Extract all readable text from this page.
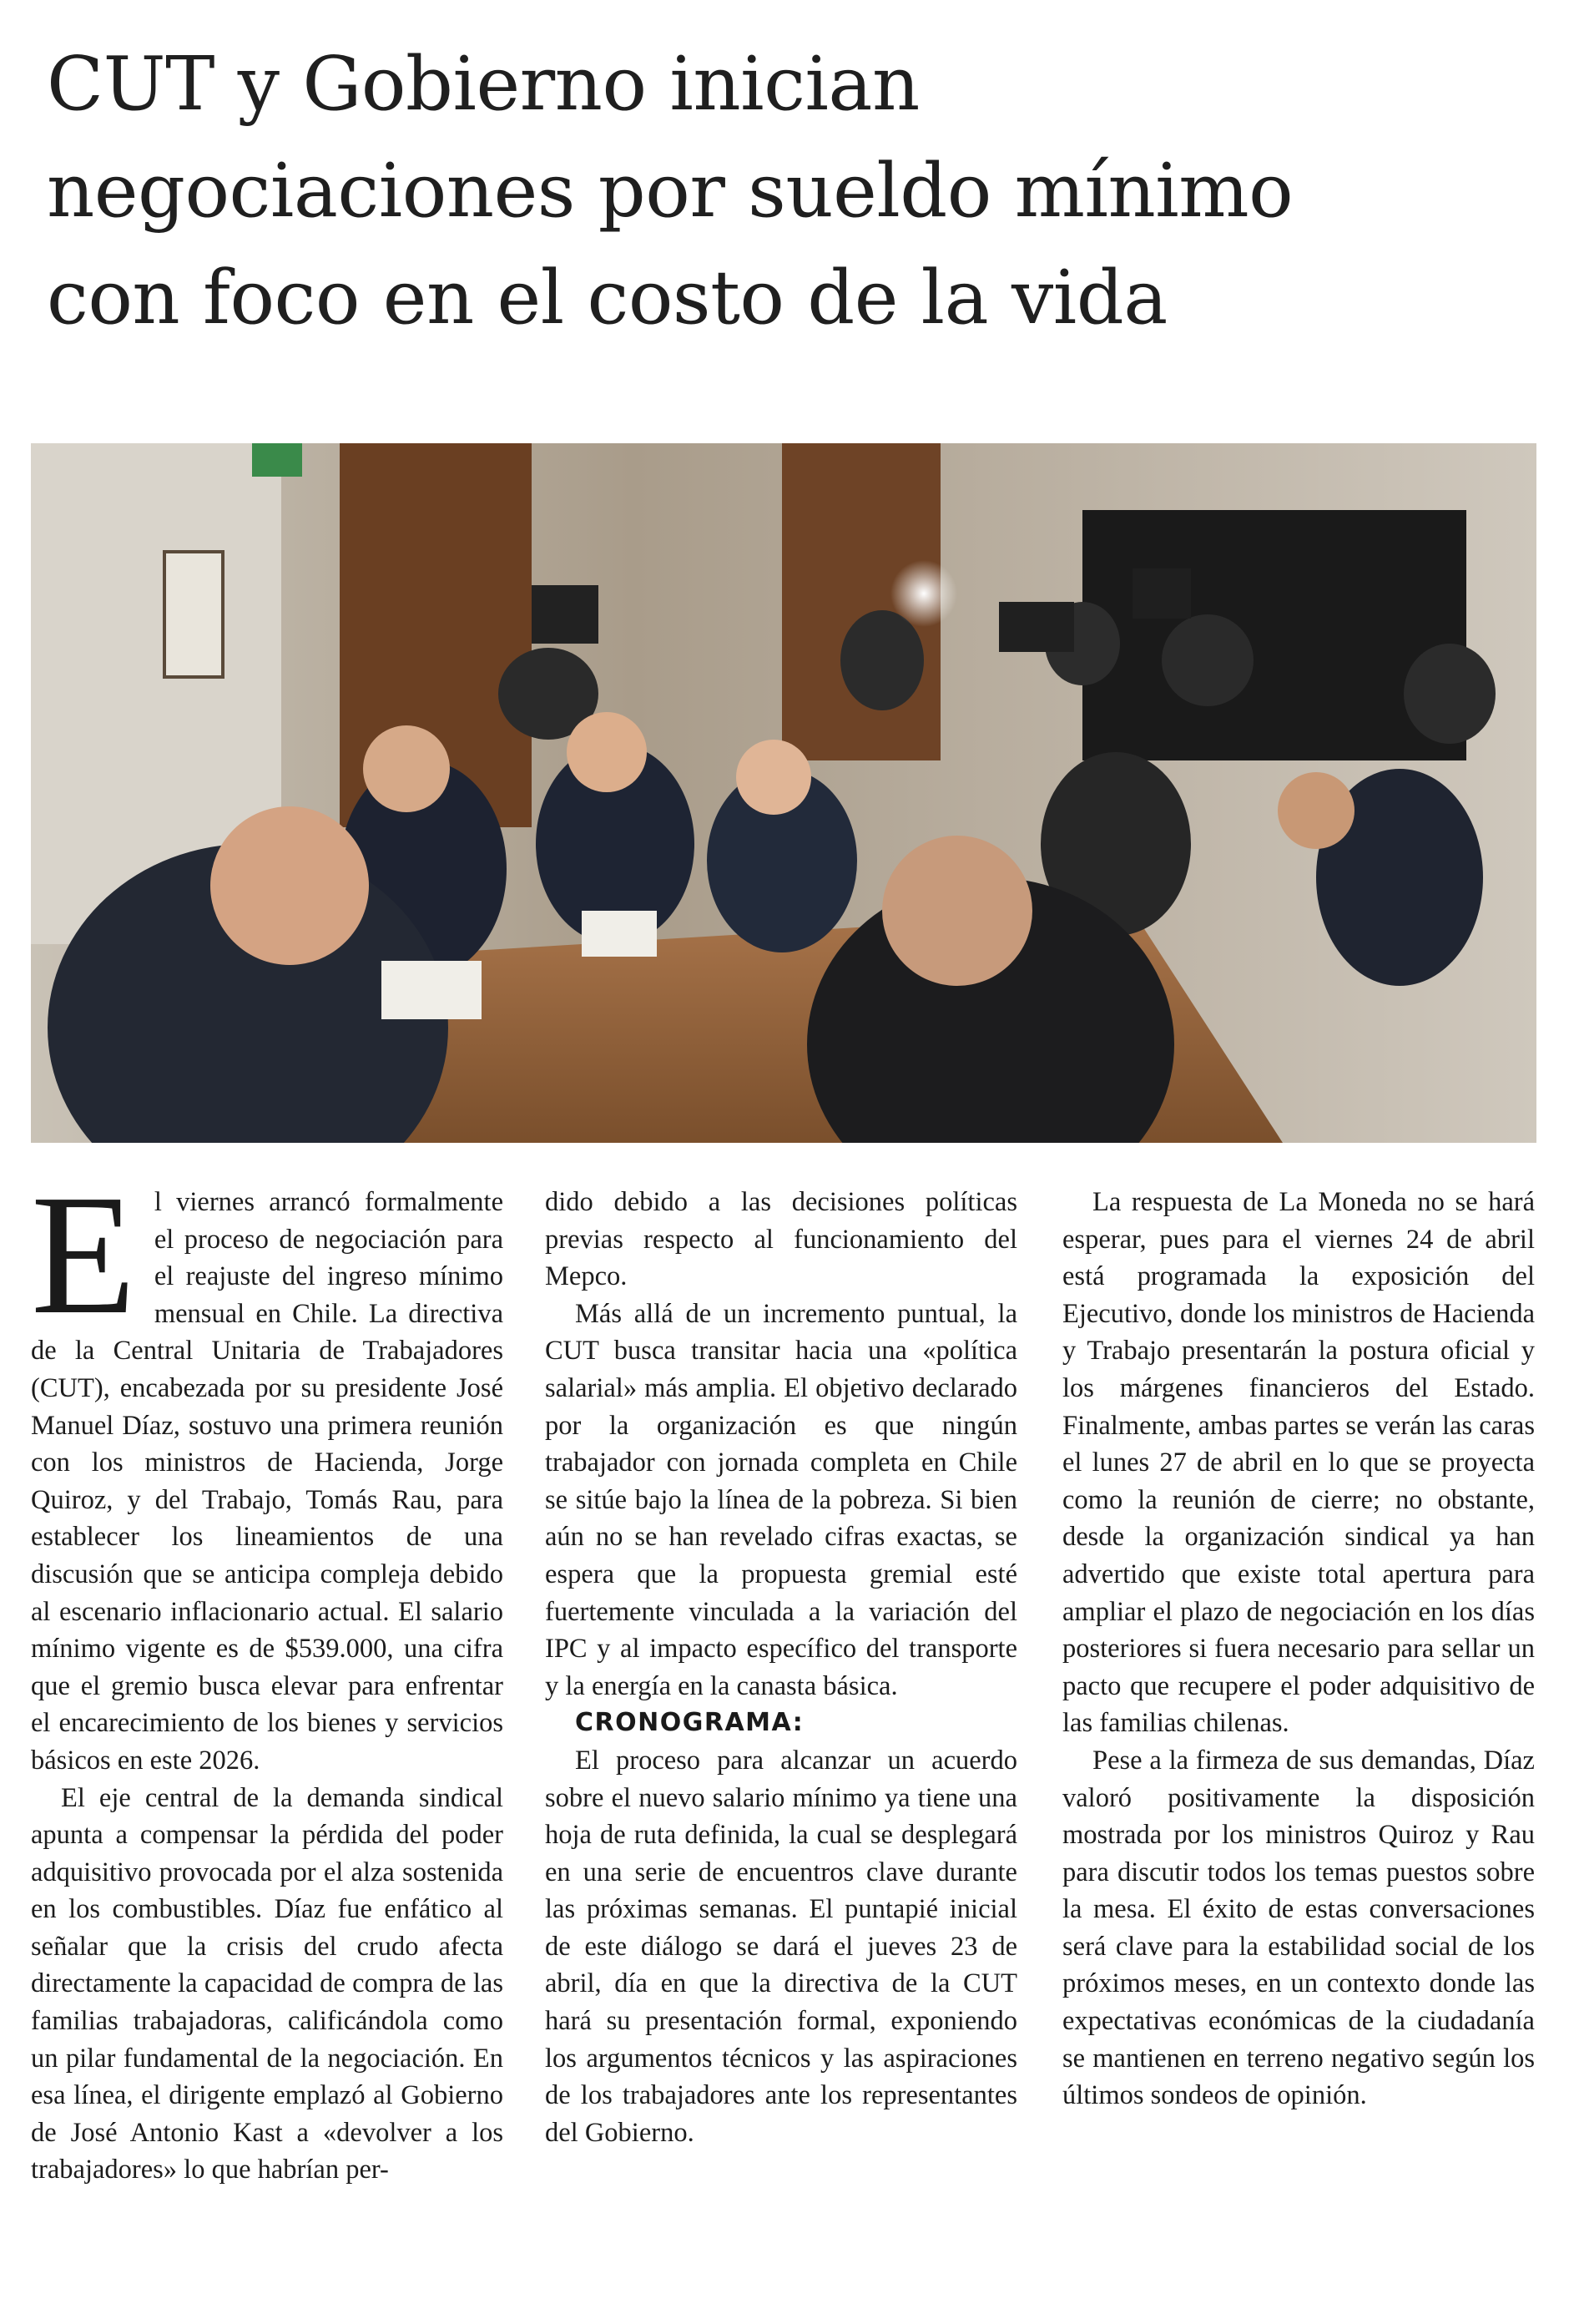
CUT y Gobierno inician
negociaciones por sueldo mínimo
con foco en el costo de la vida
E l viernes arrancó formalmente el proceso de negociación para el reajuste del ingreso mínimo mensual en Chile. La directiva de la Central Unitaria de Trabajadores (CUT), encabezada por su presidente José Manuel Díaz, sostuvo una primera reunión con los ministros de Hacienda, Jorge Quiroz, y del Trabajo, Tomás Rau, para establecer los lineamientos de una discusión que se anticipa compleja debido al escenario inflacionario actual. El salario mínimo vigente es de $539.000, una cifra que el gremio busca elevar para enfrentar el encarecimiento de los bienes y servicios básicos en este 2026.

El eje central de la demanda sindical apunta a compensar la pérdida del poder adquisitivo provocada por el alza sostenida en los combustibles. Díaz fue enfático al señalar que la crisis del crudo afecta directamente la capacidad de compra de las familias trabajadoras, calificándola como un pilar fundamental de la negociación. En esa línea, el dirigente emplazó al Gobierno de José Antonio Kast a «devolver a los trabajadores» lo que habrían per-

dido debido a las decisiones políticas previas respecto al funcionamiento del Mepco.

Más allá de un incremento puntual, la CUT busca transitar hacia una «política salarial» más amplia. El objetivo declarado por la organización es que ningún trabajador con jornada completa en Chile se sitúe bajo la línea de la pobreza. Si bien aún no se han revelado cifras exactas, se espera que la propuesta gremial esté fuertemente vinculada a la variación del IPC y al impacto específico del transporte y la energía en la canasta básica.

CRONOGRAMA:

El proceso para alcanzar un acuerdo sobre el nuevo salario mínimo ya tiene una hoja de ruta definida, la cual se desplegará en una serie de encuentros clave durante las próximas semanas. El puntapié inicial de este diálogo se dará el jueves 23 de abril, día en que la directiva de la CUT hará su presentación formal, exponiendo los argumentos técnicos y las aspiraciones de los trabajadores ante los representantes del Gobierno.

La respuesta de La Moneda no se hará esperar, pues para el viernes 24 de abril está programada la exposición del Ejecutivo, donde los ministros de Hacienda y Trabajo presentarán la postura oficial y los márgenes financieros del Estado. Finalmente, ambas partes se verán las caras el lunes 27 de abril en lo que se proyecta como la reunión de cierre; no obstante, desde la organización sindical ya han advertido que existe total apertura para ampliar el plazo de negociación en los días posteriores si fuera necesario para sellar un pacto que recupere el poder adquisitivo de las familias chilenas.

Pese a la firmeza de sus demandas, Díaz valoró positivamente la disposición mostrada por los ministros Quiroz y Rau para discutir todos los temas puestos sobre la mesa. El éxito de estas conversaciones será clave para la estabilidad social de los próximos meses, en un contexto donde las expectativas económicas de la ciudadanía se mantienen en terreno negativo según los últimos sondeos de opinión.
